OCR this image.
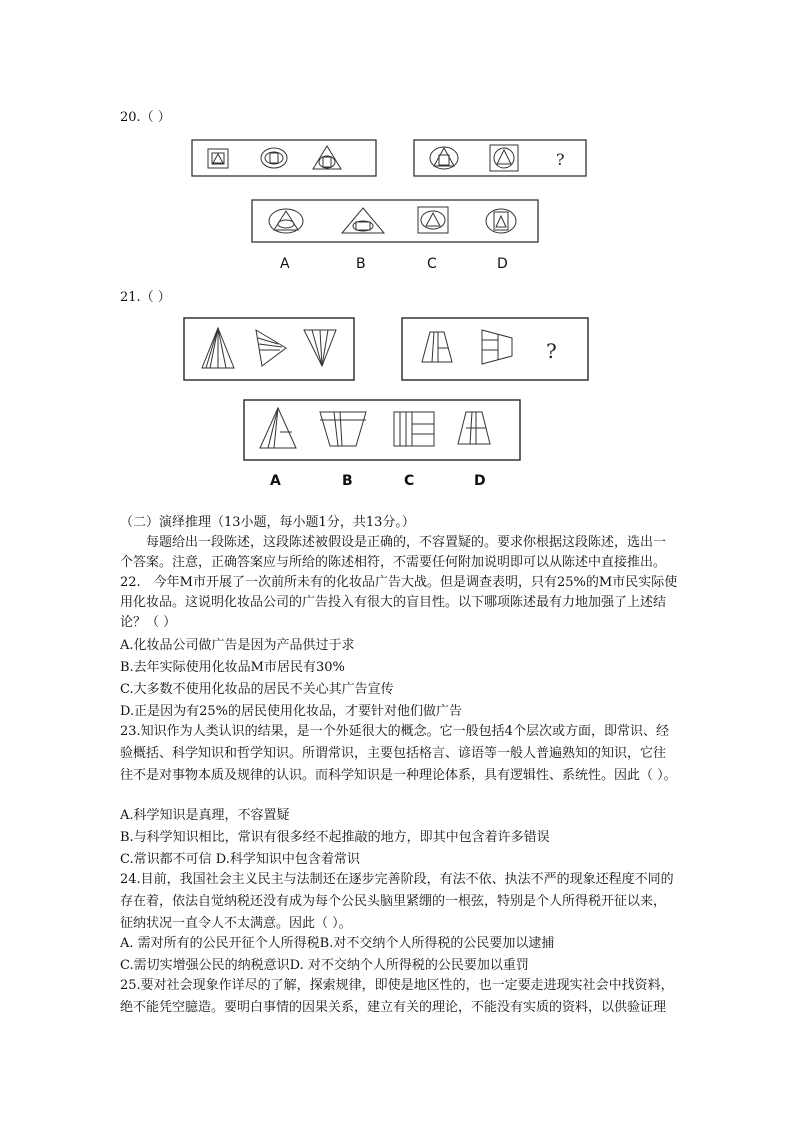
20.（ ）
?
A	B	C	D
21.（ ）
?
A	B	C	D
（二）演绎推理（13小题，每小题1分，共13分。）
　　每题给出一段陈述，这段陈述被假设是正确的，不容置疑的。要求你根据这段陈述，选出一
个答案。注意，正确答案应与所给的陈述相符，不需要任何附加说明即可以从陈述中直接推出。
22.　今年M市开展了一次前所未有的化妆品广告大战。但是调查表明，只有25%的M市民实际使
用化妆品。这说明化妆品公司的广告投入有很大的盲目性。以下哪项陈述最有力地加强了上述结
论？（ ）
A.化妆品公司做广告是因为产品供过于求
B.去年实际使用化妆品M市居民有30%
C.大多数不使用化妆品的居民不关心其广告宣传
D.正是因为有25%的居民使用化妆品，才要针对他们做广告
23.知识作为人类认识的结果，是一个外延很大的概念。它一般包括4个层次或方面，即常识、经
验概括、科学知识和哲学知识。所谓常识，主要包括格言、谚语等一般人普遍熟知的知识，它往
往不是对事物本质及规律的认识。而科学知识是一种理论体系，具有逻辑性、系统性。因此（ ）。
A.科学知识是真理，不容置疑
B.与科学知识相比，常识有很多经不起推敲的地方，即其中包含着许多错误
C.常识都不可信 D.科学知识中包含着常识
24.目前，我国社会主义民主与法制还在逐步完善阶段，有法不依、执法不严的现象还程度不同的
存在着，依法自觉纳税还没有成为每个公民头脑里紧绷的一根弦，特别是个人所得税开征以来，
征纳状况一直令人不太满意。因此（ ）。
A. 需对所有的公民开征个人所得税B.对不交纳个人所得税的公民要加以逮捕
C.需切实增强公民的纳税意识D. 对不交纳个人所得税的公民要加以重罚
25.要对社会现象作详尽的了解，探索规律，即使是地区性的，也一定要走进现实社会中找资料，
绝不能凭空臆造。要明白事情的因果关系，建立有关的理论，不能没有实质的资料，以供验证理
